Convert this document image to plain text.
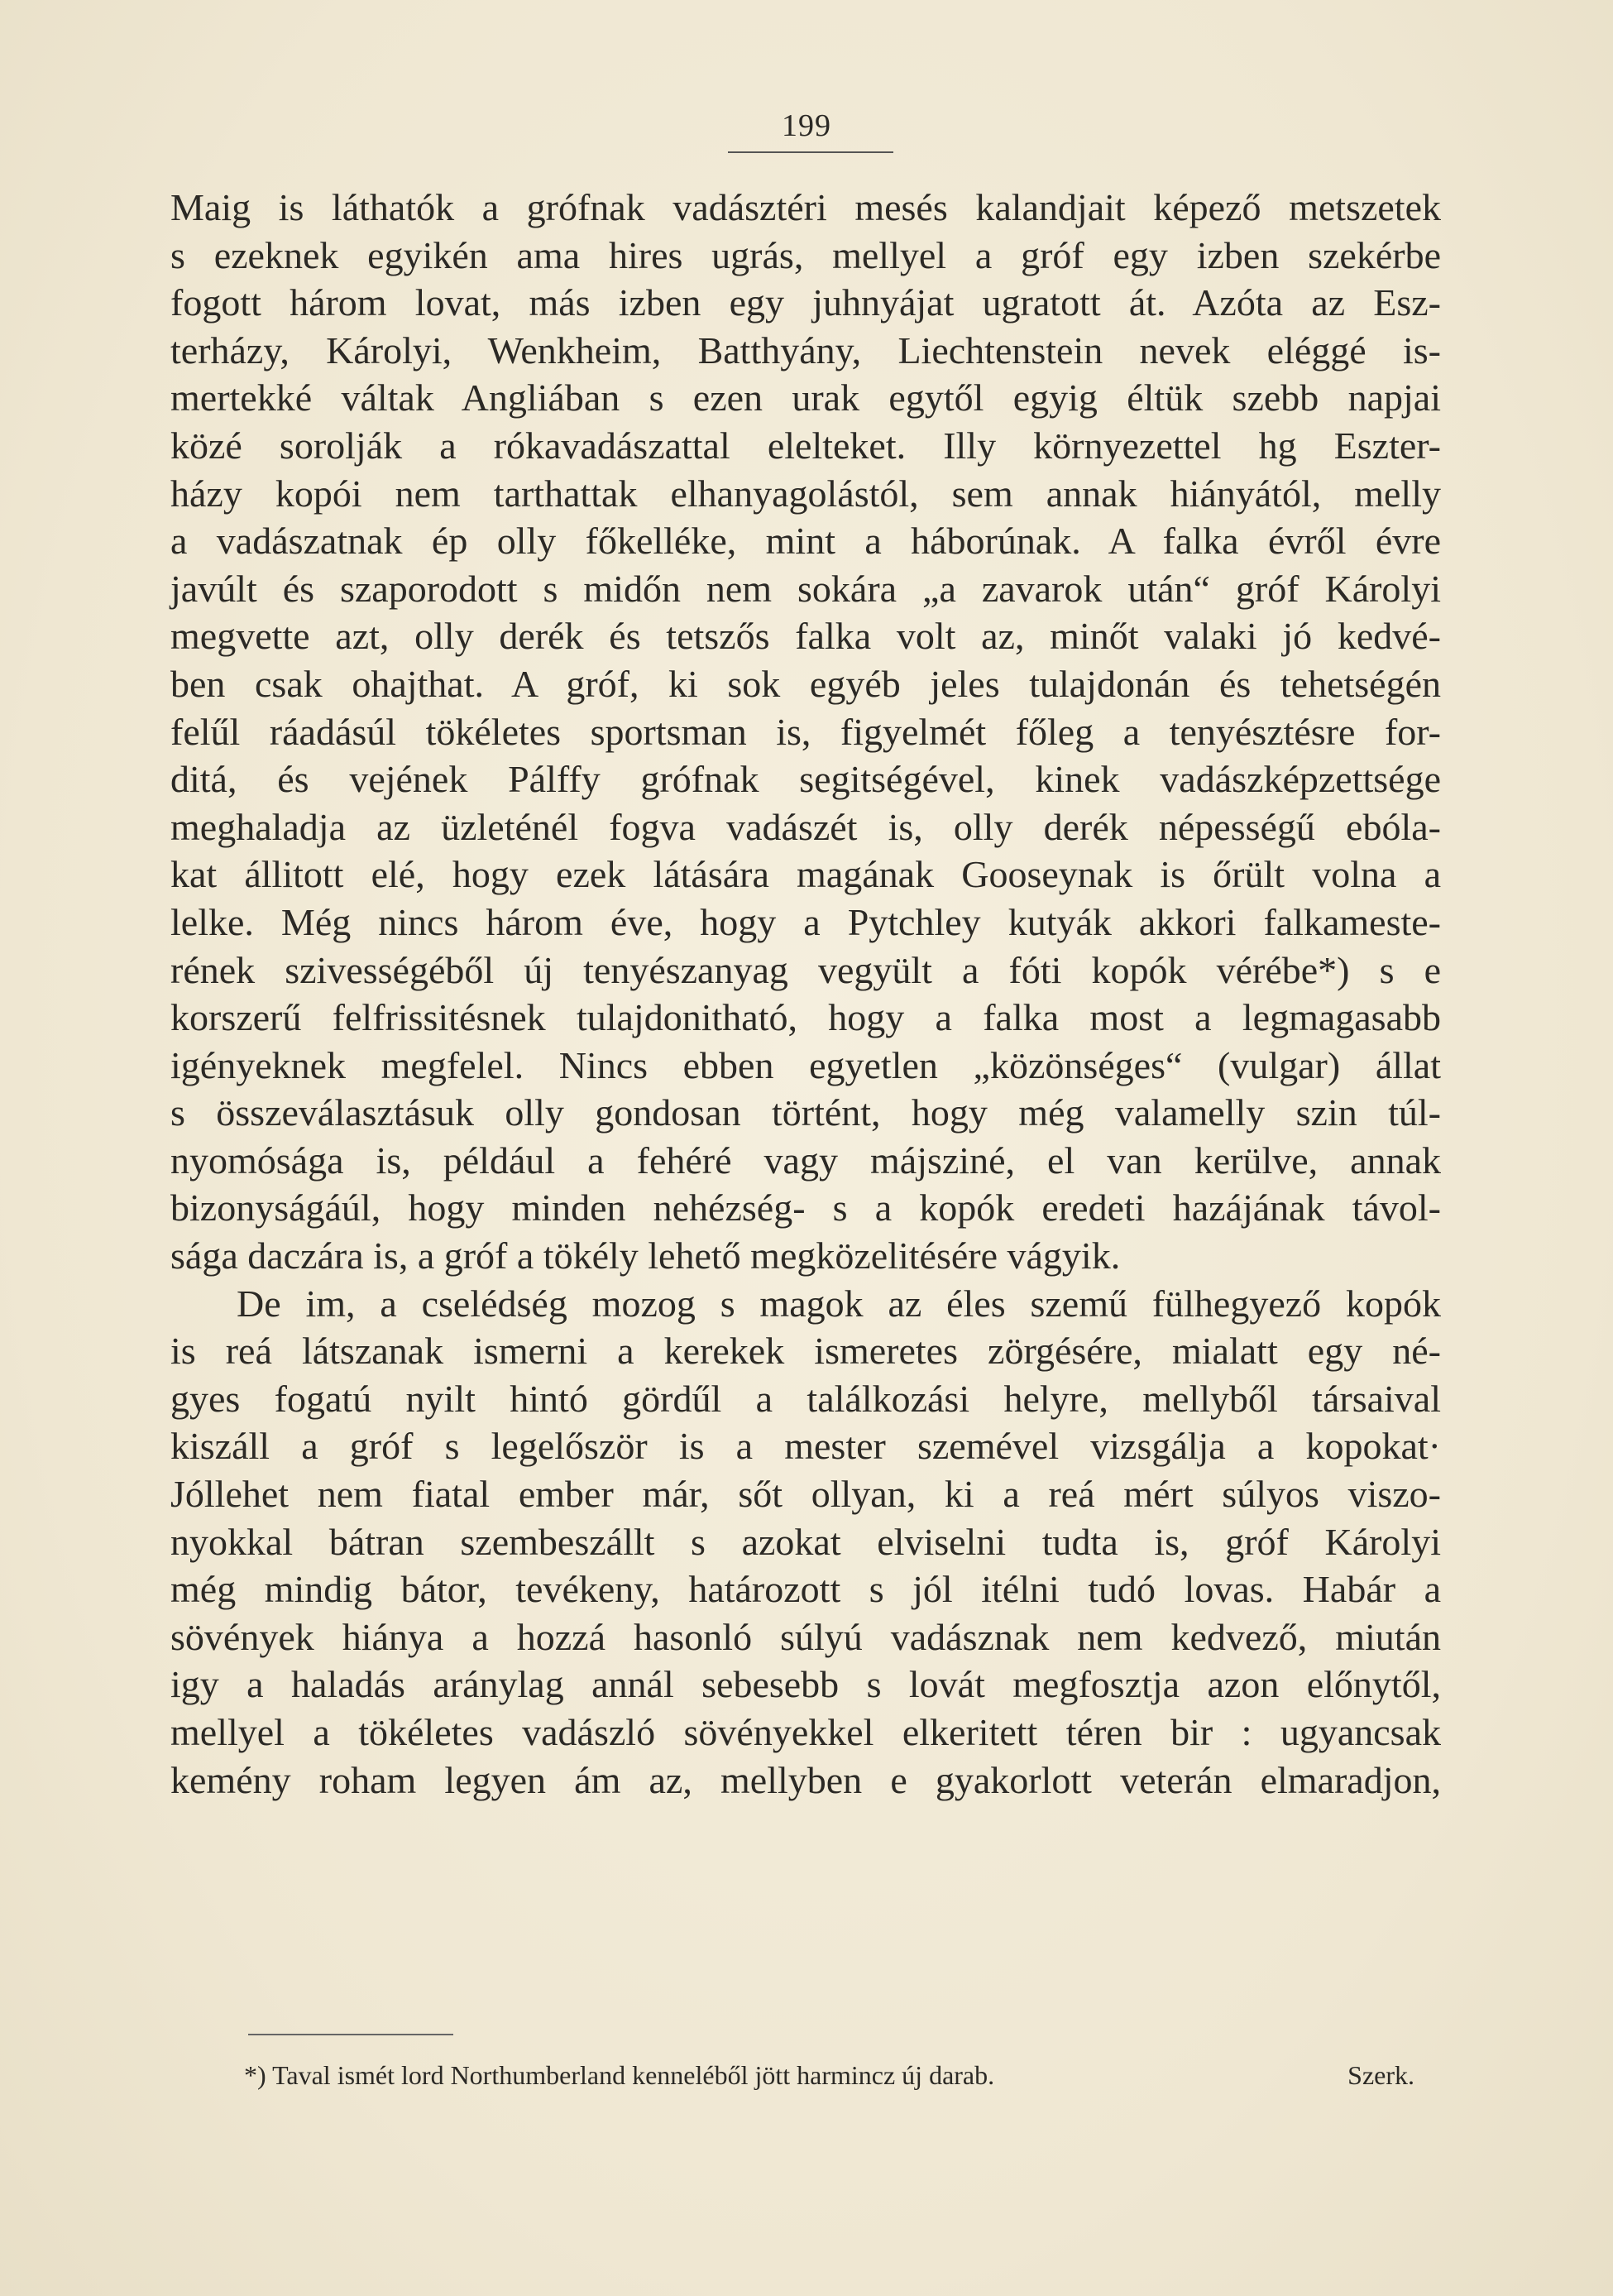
199
Maig is láthatók a grófnak vadásztéri mesés kalandjait képező metszetek
s ezeknek egyikén ama hires ugrás, mellyel a gróf egy izben szekérbe
fogott három lovat, más izben egy juhnyájat ugratott át. Azóta az Esz-
terházy, Károlyi, Wenkheim, Batthyány, Liechtenstein nevek eléggé is-
mertekké váltak Angliában s ezen urak egytől egyig éltük szebb napjai
közé sorolják a rókavadászattal elelteket. Illy környezettel hg Eszter-
házy kopói nem tarthattak elhanyagolástól, sem annak hiányától, melly
a vadászatnak ép olly főkelléke, mint a háborúnak. A falka évről évre
javúlt és szaporodott s midőn nem sokára „a zavarok után“ gróf Károlyi
megvette azt, olly derék és tetszős falka volt az, minőt valaki jó kedvé-
ben csak ohajthat. A gróf, ki sok egyéb jeles tulajdonán és tehetségén
felűl ráadásúl tökéletes sportsman is, figyelmét főleg a tenyésztésre for-
ditá, és vejének Pálffy grófnak segitségével, kinek vadászképzettsége
meghaladja az üzleténél fogva vadászét is, olly derék népességű ebóla-
kat állitott elé, hogy ezek látására magának Gooseynak is őrült volna a
lelke. Még nincs három éve, hogy a Pytchley kutyák akkori falkameste-
rének szivességéből új tenyészanyag vegyült a fóti kopók vérébe*) s e
korszerű felfrissitésnek tulajdonitható, hogy a falka most a legmagasabb
igényeknek megfelel. Nincs ebben egyetlen „közönséges“ (vulgar) állat
s összeválasztásuk olly gondosan történt, hogy még valamelly szin túl-
nyomósága is, például a fehéré vagy májsziné, el van kerülve, annak
bizonyságáúl, hogy minden nehézség- s a kopók eredeti hazájának távol-
sága daczára is, a gróf a tökély lehető megközelitésére vágyik.
De im, a cselédség mozog s magok az éles szemű fülhegyező kopók
is reá látszanak ismerni a kerekek ismeretes zörgésére, mialatt egy né-
gyes fogatú nyilt hintó gördűl a találkozási helyre, mellyből társaival
kiszáll a gróf s legelőször is a mester szemével vizsgálja a kopokat·
Jóllehet nem fiatal ember már, sőt ollyan, ki a reá mért súlyos viszo-
nyokkal bátran szembeszállt s azokat elviselni tudta is, gróf Károlyi
még mindig bátor, tevékeny, határozott s jól itélni tudó lovas. Habár a
sövények hiánya a hozzá hasonló súlyú vadásznak nem kedvező, miután
igy a haladás aránylag annál sebesebb s lovát megfosztja azon előnytől,
mellyel a tökéletes vadászló sövényekkel elkeritett téren bir : ugyancsak
kemény roham legyen ám az, mellyben e gyakorlott veterán elmaradjon,
*) Taval ismét lord Northumberland kenneléből jött harmincz új darab.	Szerk.
